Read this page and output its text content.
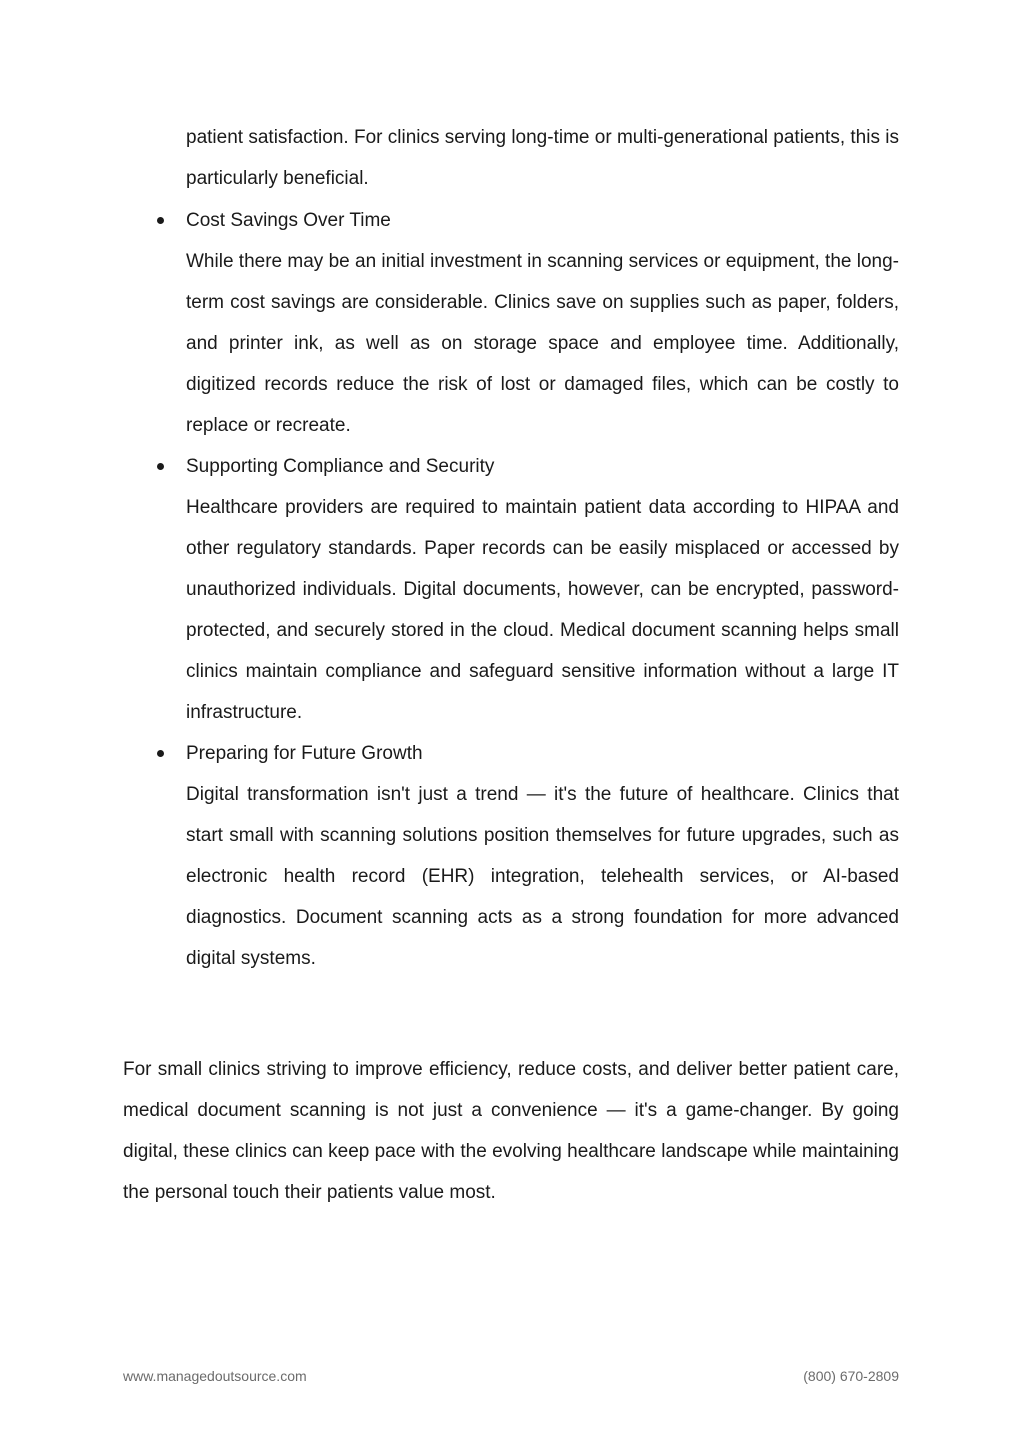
patient satisfaction. For clinics serving long-time or multi-generational patients, this is particularly beneficial.

Cost Savings Over Time

While there may be an initial investment in scanning services or equipment, the long-term cost savings are considerable. Clinics save on supplies such as paper, folders, and printer ink, as well as on storage space and employee time. Additionally, digitized records reduce the risk of lost or damaged files, which can be costly to replace or recreate.

Supporting Compliance and Security

Healthcare providers are required to maintain patient data according to HIPAA and other regulatory standards. Paper records can be easily misplaced or accessed by unauthorized individuals. Digital documents, however, can be encrypted, password-protected, and securely stored in the cloud. Medical document scanning helps small clinics maintain compliance and safeguard sensitive information without a large IT infrastructure.

Preparing for Future Growth

Digital transformation isn't just a trend — it's the future of healthcare. Clinics that start small with scanning solutions position themselves for future upgrades, such as electronic health record (EHR) integration, telehealth services, or AI-based diagnostics. Document scanning acts as a strong foundation for more advanced digital systems.

For small clinics striving to improve efficiency, reduce costs, and deliver better patient care, medical document scanning is not just a convenience — it's a game-changer. By going digital, these clinics can keep pace with the evolving healthcare landscape while maintaining the personal touch their patients value most.

www.managedoutsource.com	(800) 670-2809
